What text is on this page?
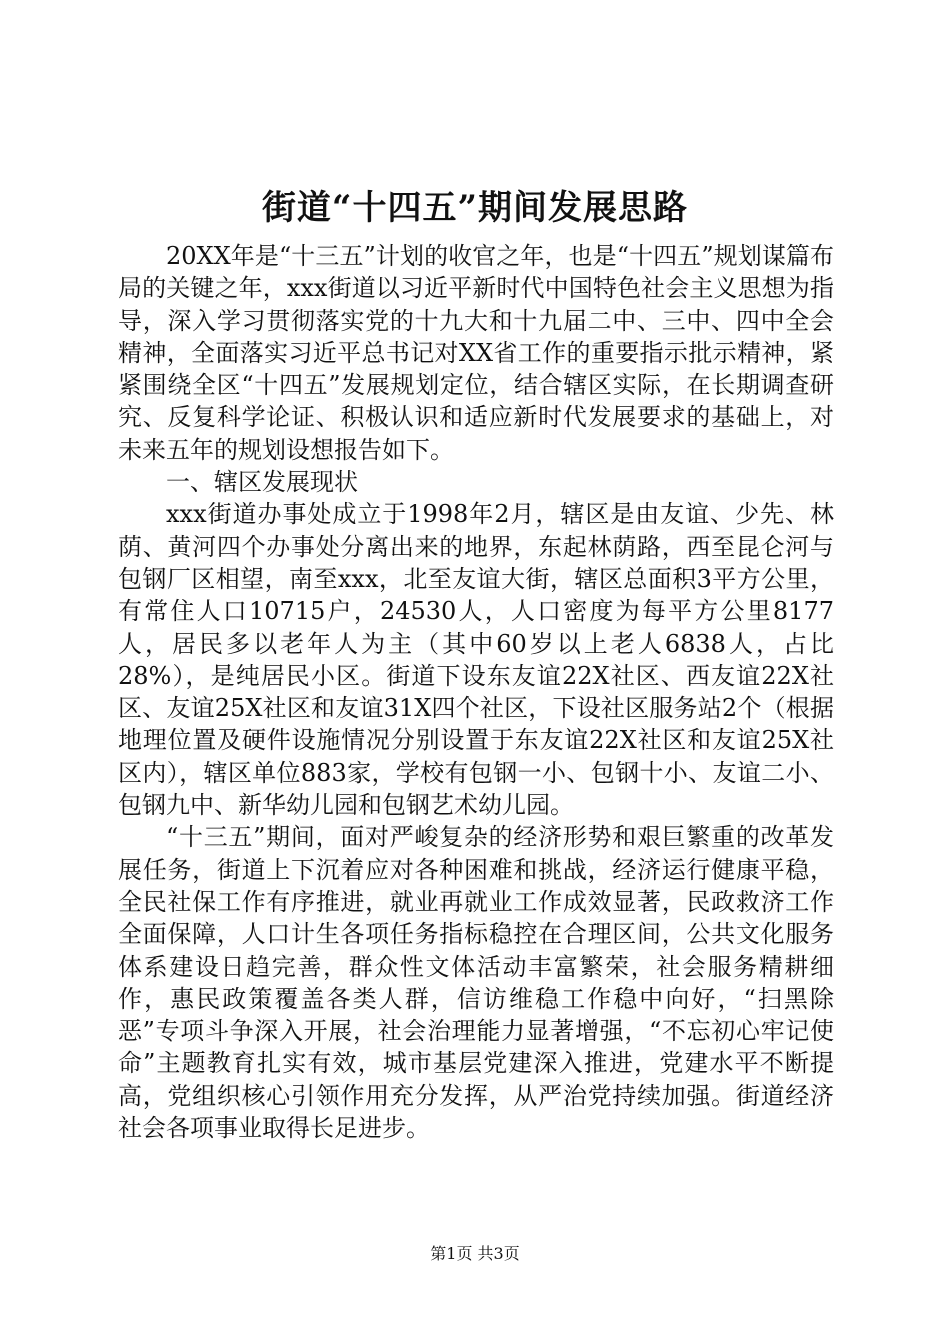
街道“十四五”期间发展思路

20XX年是“十三五”计划的收官之年，也是“十四五”规划谋篇布局的关键之年，xxx街道以习近平新时代中国特色社会主义思想为指导，深入学习贯彻落实党的十九大和十九届二中、三中、四中全会精神，全面落实习近平总书记对XX省工作的重要指示批示精神，紧紧围绕全区“十四五”发展规划定位，结合辖区实际，在长期调查研究、反复科学论证、积极认识和适应新时代发展要求的基础上，对未来五年的规划设想报告如下。

一、辖区发展现状

xxx街道办事处成立于1998年2月，辖区是由友谊、少先、林荫、黄河四个办事处分离出来的地界，东起林荫路，西至昆仑河与包钢厂区相望，南至xxx，北至友谊大街，辖区总面积3平方公里，有常住人口10715户，24530人，人口密度为每平方公里8177人，居民多以老年人为主（其中60岁以上老人6838人，占比28%），是纯居民小区。街道下设东友谊22X社区、西友谊22X社区、友谊25X社区和友谊31X四个社区，下设社区服务站2个（根据地理位置及硬件设施情况分别设置于东友谊22X社区和友谊25X社区内），辖区单位883家，学校有包钢一小、包钢十小、友谊二小、包钢九中、新华幼儿园和包钢艺术幼儿园。

“十三五”期间，面对严峻复杂的经济形势和艰巨繁重的改革发展任务，街道上下沉着应对各种困难和挑战，经济运行健康平稳，全民社保工作有序推进，就业再就业工作成效显著，民政救济工作全面保障，人口计生各项任务指标稳控在合理区间，公共文化服务体系建设日趋完善，群众性文体活动丰富繁荣，社会服务精耕细作，惠民政策覆盖各类人群，信访维稳工作稳中向好，“扫黑除恶”专项斗争深入开展，社会治理能力显著增强，“不忘初心牢记使命”主题教育扎实有效，城市基层党建深入推进，党建水平不断提高，党组织核心引领作用充分发挥，从严治党持续加强。街道经济社会各项事业取得长足进步。

第1页 共3页
